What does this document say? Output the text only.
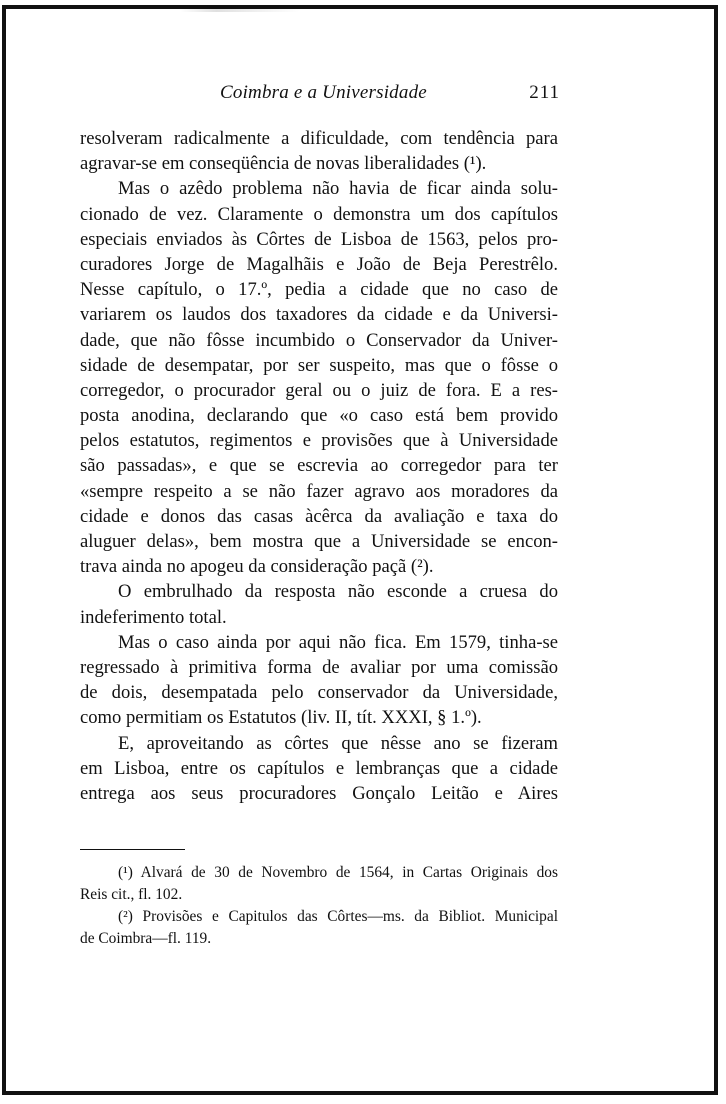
Coimbra e a Universidade	211
resolveram radicalmente a dificuldade, com tendência para
agravar-se em conseqüência de novas liberalidades (¹).
Mas o azêdo problema não havia de ficar ainda solu-
cionado de vez. Claramente o demonstra um dos capítulos
especiais enviados às Côrtes de Lisboa de 1563, pelos pro-
curadores Jorge de Magalhãis e João de Beja Perestrêlo.
Nesse capítulo, o 17.º, pedia a cidade que no caso de
variarem os laudos dos taxadores da cidade e da Universi-
dade, que não fôsse incumbido o Conservador da Univer-
sidade de desempatar, por ser suspeito, mas que o fôsse o
corregedor, o procurador geral ou o juiz de fora. E a res-
posta anodina, declarando que «o caso está bem provido
pelos estatutos, regimentos e provisões que à Universidade
são passadas», e que se escrevia ao corregedor para ter
«sempre respeito a se não fazer agravo aos moradores da
cidade e donos das casas àcêrca da avaliação e taxa do
aluguer delas», bem mostra que a Universidade se encon-
trava ainda no apogeu da consideração paçã (²).
O embrulhado da resposta não esconde a cruesa do
indeferimento total.
Mas o caso ainda por aqui não fica. Em 1579, tinha-se
regressado à primitiva forma de avaliar por uma comissão
de dois, desempatada pelo conservador da Universidade,
como permitiam os Estatutos (liv. II, tít. XXXI, § 1.º).
E, aproveitando as côrtes que nêsse ano se fizeram
em Lisboa, entre os capítulos e lembranças que a cidade
entrega aos seus procuradores Gonçalo Leitão e Aires
(¹) Alvará de 30 de Novembro de 1564, in Cartas Originais dos
Reis cit., fl. 102.
(²) Provisões e Capitulos das Côrtes—ms. da Bibliot. Municipal
de Coimbra—fl. 119.
